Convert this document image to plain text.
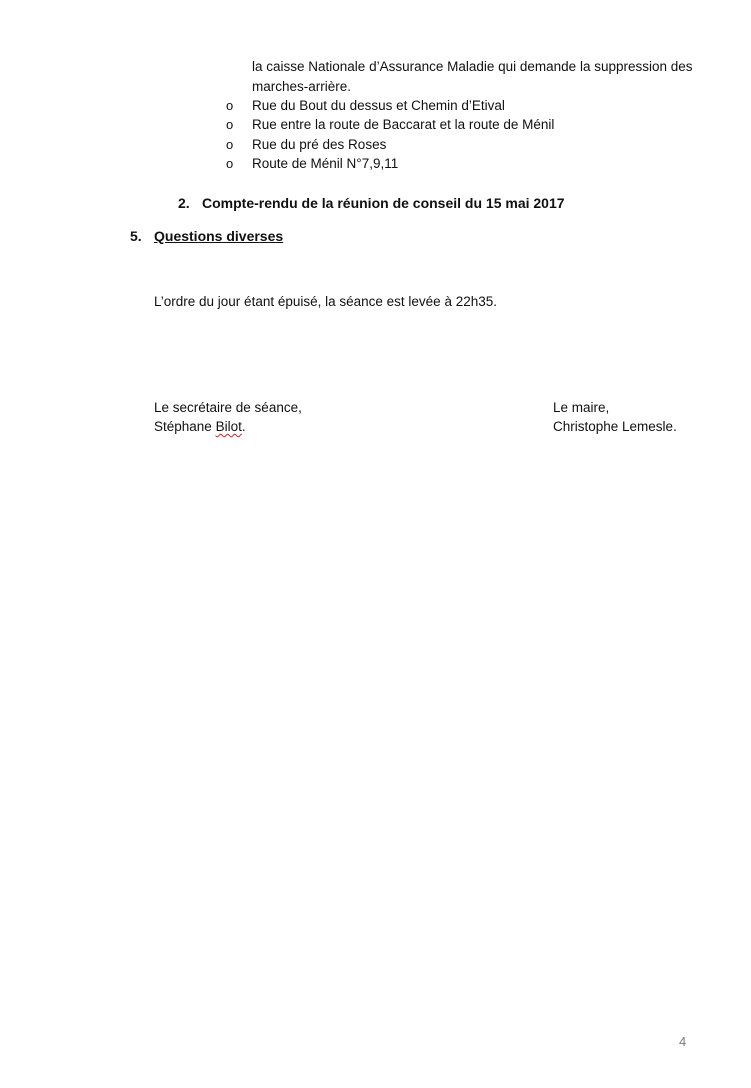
la caisse Nationale d’Assurance Maladie qui demande la suppression des
marches-arrière.
o Rue du Bout du dessus et Chemin d’Etival
o Rue entre la route de Baccarat et la route de Ménil
o Rue du pré des Roses
o Route de Ménil N°7,9,11
2. Compte-rendu de la réunion de conseil du 15 mai 2017
5. Questions diverses
L’ordre du jour étant épuisé, la séance est levée à 22h35.
Le secrétaire de séance,
Stéphane Bilot.
Le maire,
Christophe Lemesle.
4
